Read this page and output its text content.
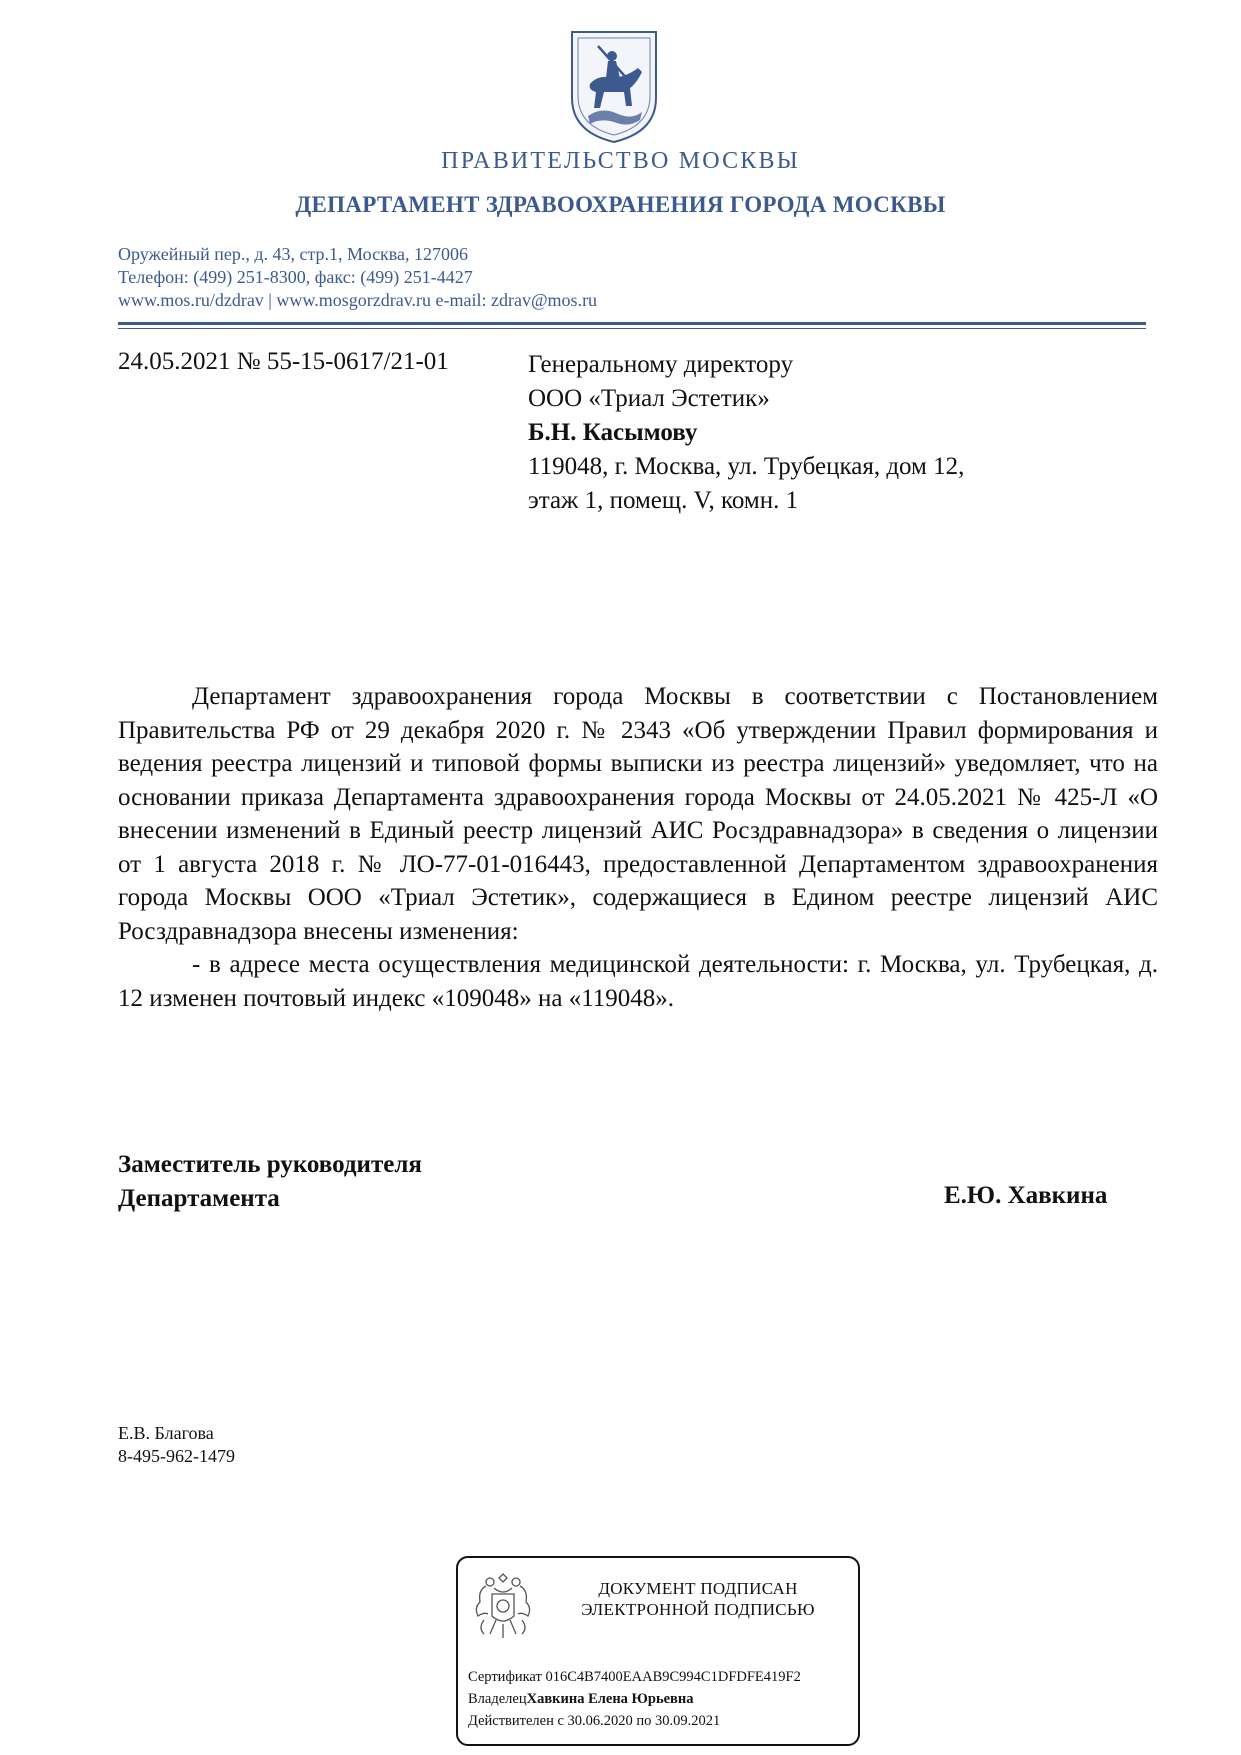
ПРАВИТЕЛЬСТВО МОСКВЫ
ДЕПАРТАМЕНТ ЗДРАВООХРАНЕНИЯ ГОРОДА МОСКВЫ
Оружейный пер., д. 43, стр.1, Москва, 127006
Телефон: (499) 251-8300, факс: (499) 251-4427
www.mos.ru/dzdrav | www.mosgorzdrav.ru e-mail: zdrav@mos.ru
24.05.2021 № 55-15-0617/21-01	Генеральному директору
ООО «Триал Эстетик»
Б.Н. Касымову
119048, г. Москва, ул. Трубецкая, дом 12,
этаж 1, помещ. V, комн. 1

Департамент здравоохранения города Москвы в соответствии с Постановлением Правительства РФ от 29 декабря 2020 г. № 2343 «Об утверждении Правил формирования и ведения реестра лицензий и типовой формы выписки из реестра лицензий» уведомляет, что на основании приказа Департамента здравоохранения города Москвы от 24.05.2021 № 425-Л «О внесении изменений в Единый реестр лицензий АИС Росздравнадзора» в сведения о лицензии от 1 августа 2018 г. № ЛО-77-01-016443, предоставленной Департаментом здравоохранения города Москвы ООО «Триал Эстетик», содержащиеся в Едином реестре лицензий АИС Росздравнадзора внесены изменения:

- в адресе места осуществления медицинской деятельности: г. Москва, ул. Трубецкая, д. 12 изменен почтовый индекс «109048» на «119048».

Заместитель руководителя
Департамента	Е.Ю. Хавкина
Е.В. Благова
8-495-962-1479
ДОКУМЕНТ ПОДПИСАН
ЭЛЕКТРОННОЙ ПОДПИСЬЮ
Сертификат 016C4B7400EAAB9C994C1DFDFE419F2
ВладелецХавкина Елена Юрьевна
Действителен с 30.06.2020 по 30.09.2021
